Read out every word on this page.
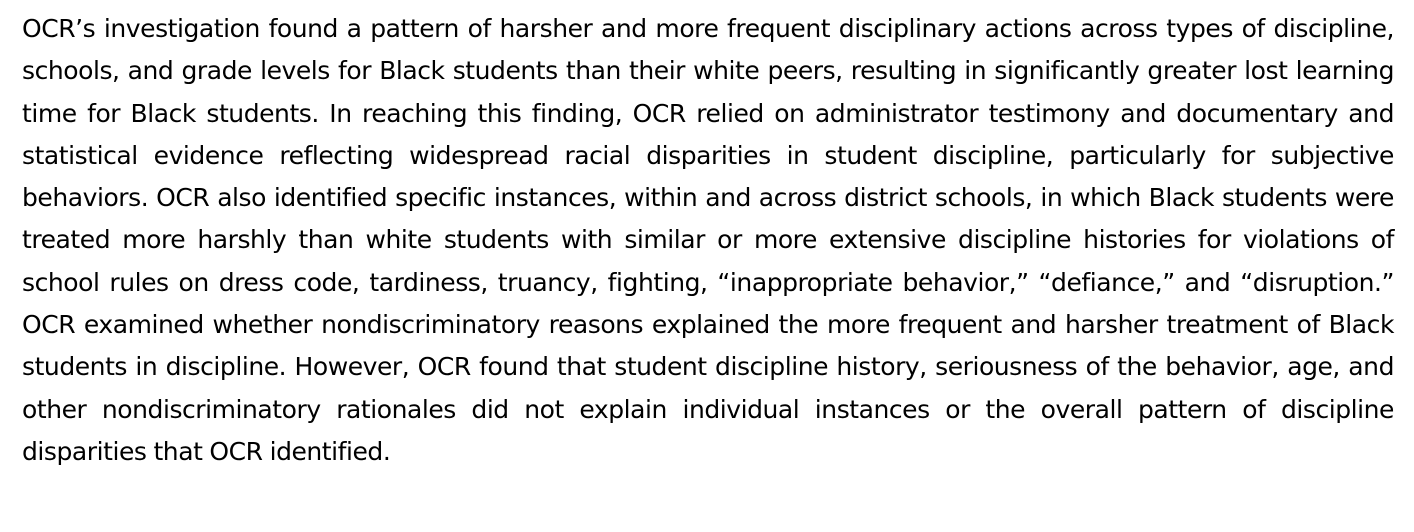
OCR’s investigation found a pattern of harsher and more frequent disciplinary actions across types of discipline, schools, and grade levels for Black students than their white peers, resulting in significantly greater lost learning time for Black students. In reaching this finding, OCR relied on administrator testimony and documentary and statistical evidence reflecting widespread racial disparities in student discipline, particularly for subjective behaviors. OCR also identified specific instances, within and across district schools, in which Black students were treated more harshly than white students with similar or more extensive discipline histories for violations of school rules on dress code, tardiness, truancy, fighting, “inappropriate behavior,” “defiance,” and “disruption.” OCR examined whether nondiscriminatory reasons explained the more frequent and harsher treatment of Black students in discipline. However, OCR found that student discipline history, seriousness of the behavior, age, and other nondiscriminatory rationales did not explain individual instances or the overall pattern of discipline disparities that OCR identified.
